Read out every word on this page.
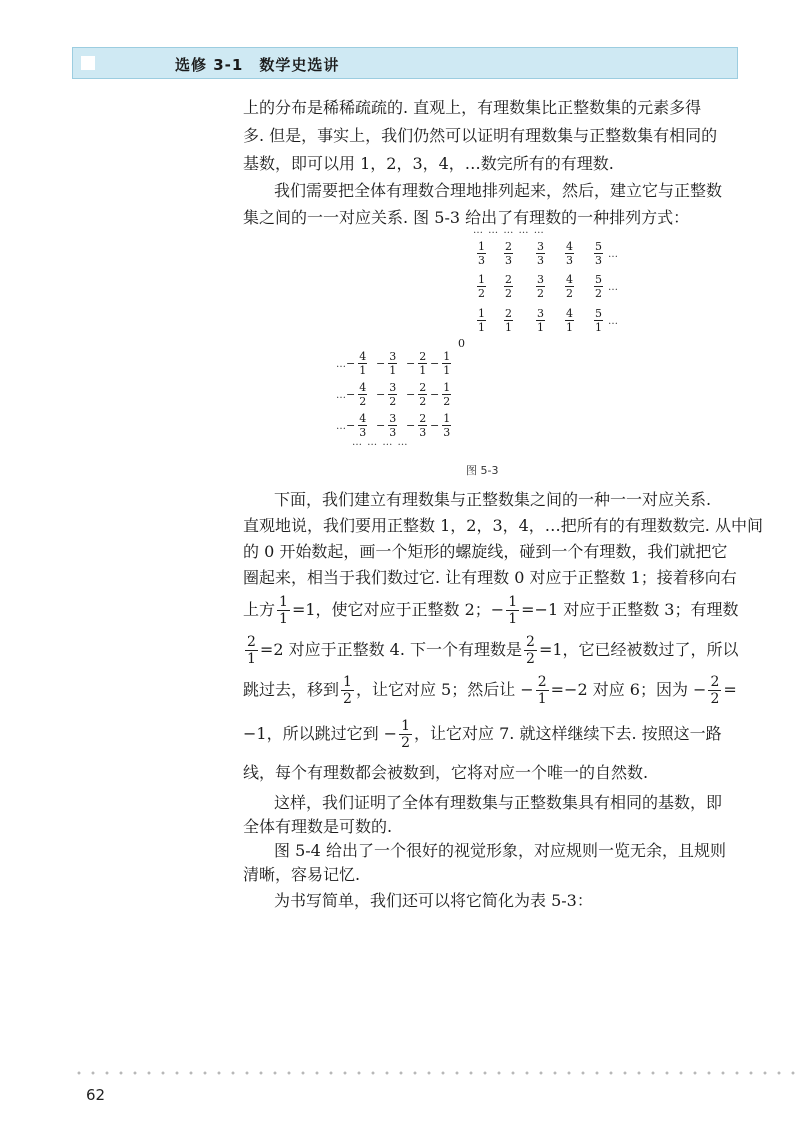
选修 3-1　数学史选讲
上的分布是稀稀疏疏的. 直观上，有理数集比正整数集的元素多得
多. 但是，事实上，我们仍然可以证明有理数集与正整数集有相同的
基数，即可以用 1，2，3，4，…数完所有的有理数.
我们需要把全体有理数合理地排列起来，然后，建立它与正整数
集之间的一一对应关系. 图 5-3 给出了有理数的一种排列方式：
… … … … …
$\frac{1}{3} \frac{2}{3} \frac{3}{3} \frac{4}{3} \frac{5}{3}$ …
$\frac{1}{2} \frac{2}{2} \frac{3}{2} \frac{4}{2} \frac{5}{2}$ …
$\frac{1}{1} \frac{2}{1} \frac{3}{1} \frac{4}{1} \frac{5}{1}$ …
0
… − $\frac{4}{1} - \frac{3}{1} - \frac{2}{1} - \frac{1}{1}$
… − $\frac{4}{2} - \frac{3}{2} - \frac{2}{2} - \frac{1}{2}$
… − $\frac{4}{3} - \frac{3}{3} - \frac{2}{3} - \frac{1}{3}$
… … … …
图 5-3
下面，我们建立有理数集与正整数集之间的一种一一对应关系.
直观地说，我们要用正整数 1，2，3，4，…把所有的有理数数完. 从中间
的 0 开始数起，画一个矩形的螺旋线，碰到一个有理数，我们就把它
圈起来，相当于我们数过它. 让有理数 0 对应于正整数 1；接着移向右
上方 $\frac{1}{1} =1$，使它对应于正整数 2；− $\frac{1}{1} =-1$ 对应于正整数 3；有理数
$\frac{2}{1} =2$ 对应于正整数 4. 下一个有理数是 $\frac{2}{2} =1$，它已经被数过了，所以
跳过去，移到 $\frac{1}{2}$ ，让它对应 5；然后让 − $\frac{2}{1} =-2$ 对应 6；因为 − $\frac{2}{2}$ =
−1，所以跳过它到 − $\frac{1}{2}$ ，让它对应 7. 就这样继续下去. 按照这一路
线，每个有理数都会被数到，它将对应一个唯一的自然数.
这样，我们证明了全体有理数集与正整数集具有相同的基数，即
全体有理数是可数的.
图 5-4 给出了一个很好的视觉形象，对应规则一览无余，且规则
清晰，容易记忆.
为书写简单，我们还可以将它简化为表 5-3：
62
